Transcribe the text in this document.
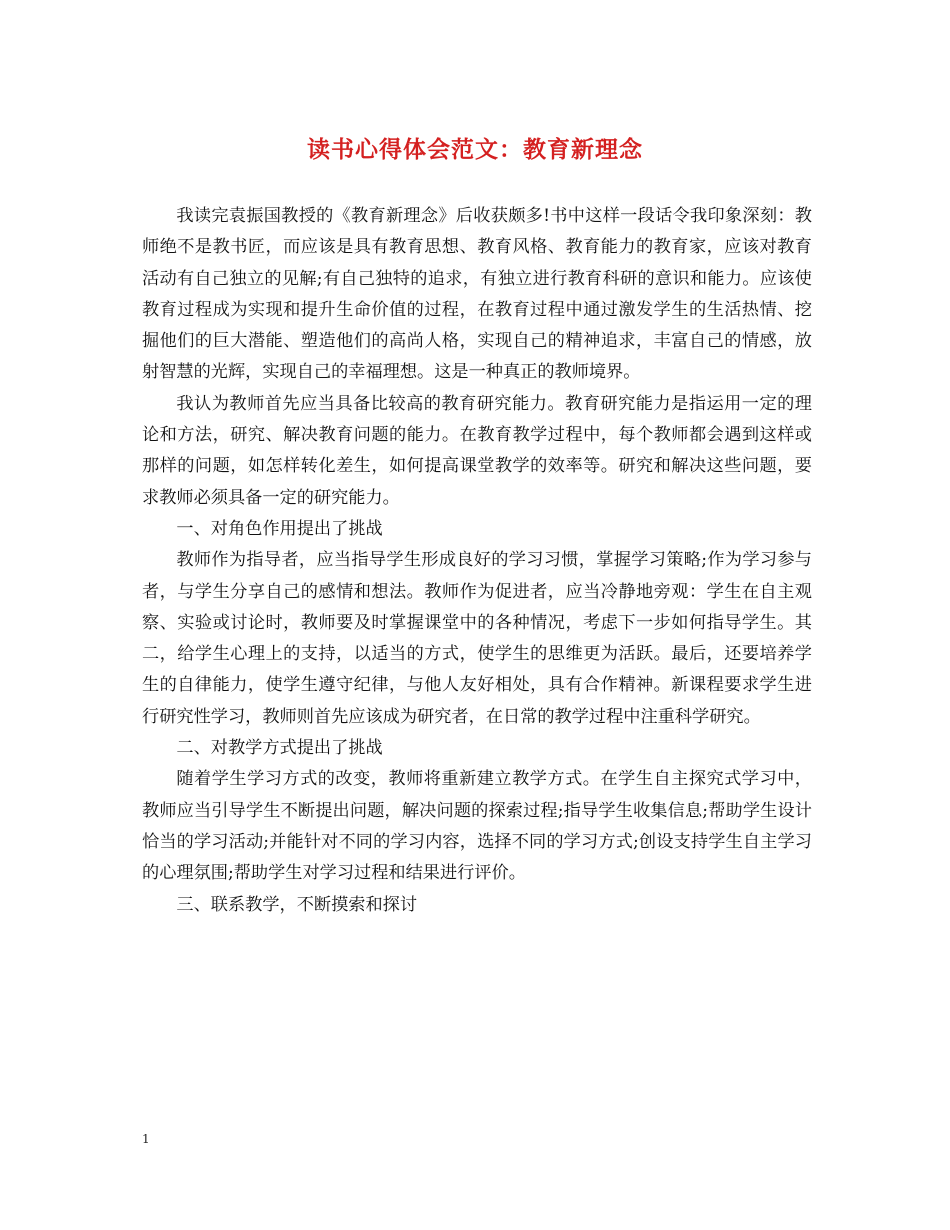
读书心得体会范文：教育新理念

我读完袁振国教授的《教育新理念》后收获颇多!书中这样一段话令我印象深刻：教师绝不是教书匠，而应该是具有教育思想、教育风格、教育能力的教育家，应该对教育活动有自己独立的见解;有自己独特的追求，有独立进行教育科研的意识和能力。应该使教育过程成为实现和提升生命价值的过程，在教育过程中通过激发学生的生活热情、挖掘他们的巨大潜能、塑造他们的高尚人格，实现自己的精神追求，丰富自己的情感，放射智慧的光辉，实现自己的幸福理想。这是一种真正的教师境界。

我认为教师首先应当具备比较高的教育研究能力。教育研究能力是指运用一定的理论和方法，研究、解决教育问题的能力。在教育教学过程中，每个教师都会遇到这样或那样的问题，如怎样转化差生，如何提高课堂教学的效率等。研究和解决这些问题，要求教师必须具备一定的研究能力。

一、对角色作用提出了挑战

教师作为指导者，应当指导学生形成良好的学习习惯，掌握学习策略;作为学习参与者，与学生分享自己的感情和想法。教师作为促进者，应当冷静地旁观：学生在自主观察、实验或讨论时，教师要及时掌握课堂中的各种情况，考虑下一步如何指导学生。其二，给学生心理上的支持，以适当的方式，使学生的思维更为活跃。最后，还要培养学生的自律能力，使学生遵守纪律，与他人友好相处，具有合作精神。新课程要求学生进行研究性学习，教师则首先应该成为研究者，在日常的教学过程中注重科学研究。

二、对教学方式提出了挑战

随着学生学习方式的改变，教师将重新建立教学方式。在学生自主探究式学习中，教师应当引导学生不断提出问题，解决问题的探索过程;指导学生收集信息;帮助学生设计恰当的学习活动;并能针对不同的学习内容，选择不同的学习方式;创设支持学生自主学习的心理氛围;帮助学生对学习过程和结果进行评价。

三、联系教学，不断摸索和探讨

1
